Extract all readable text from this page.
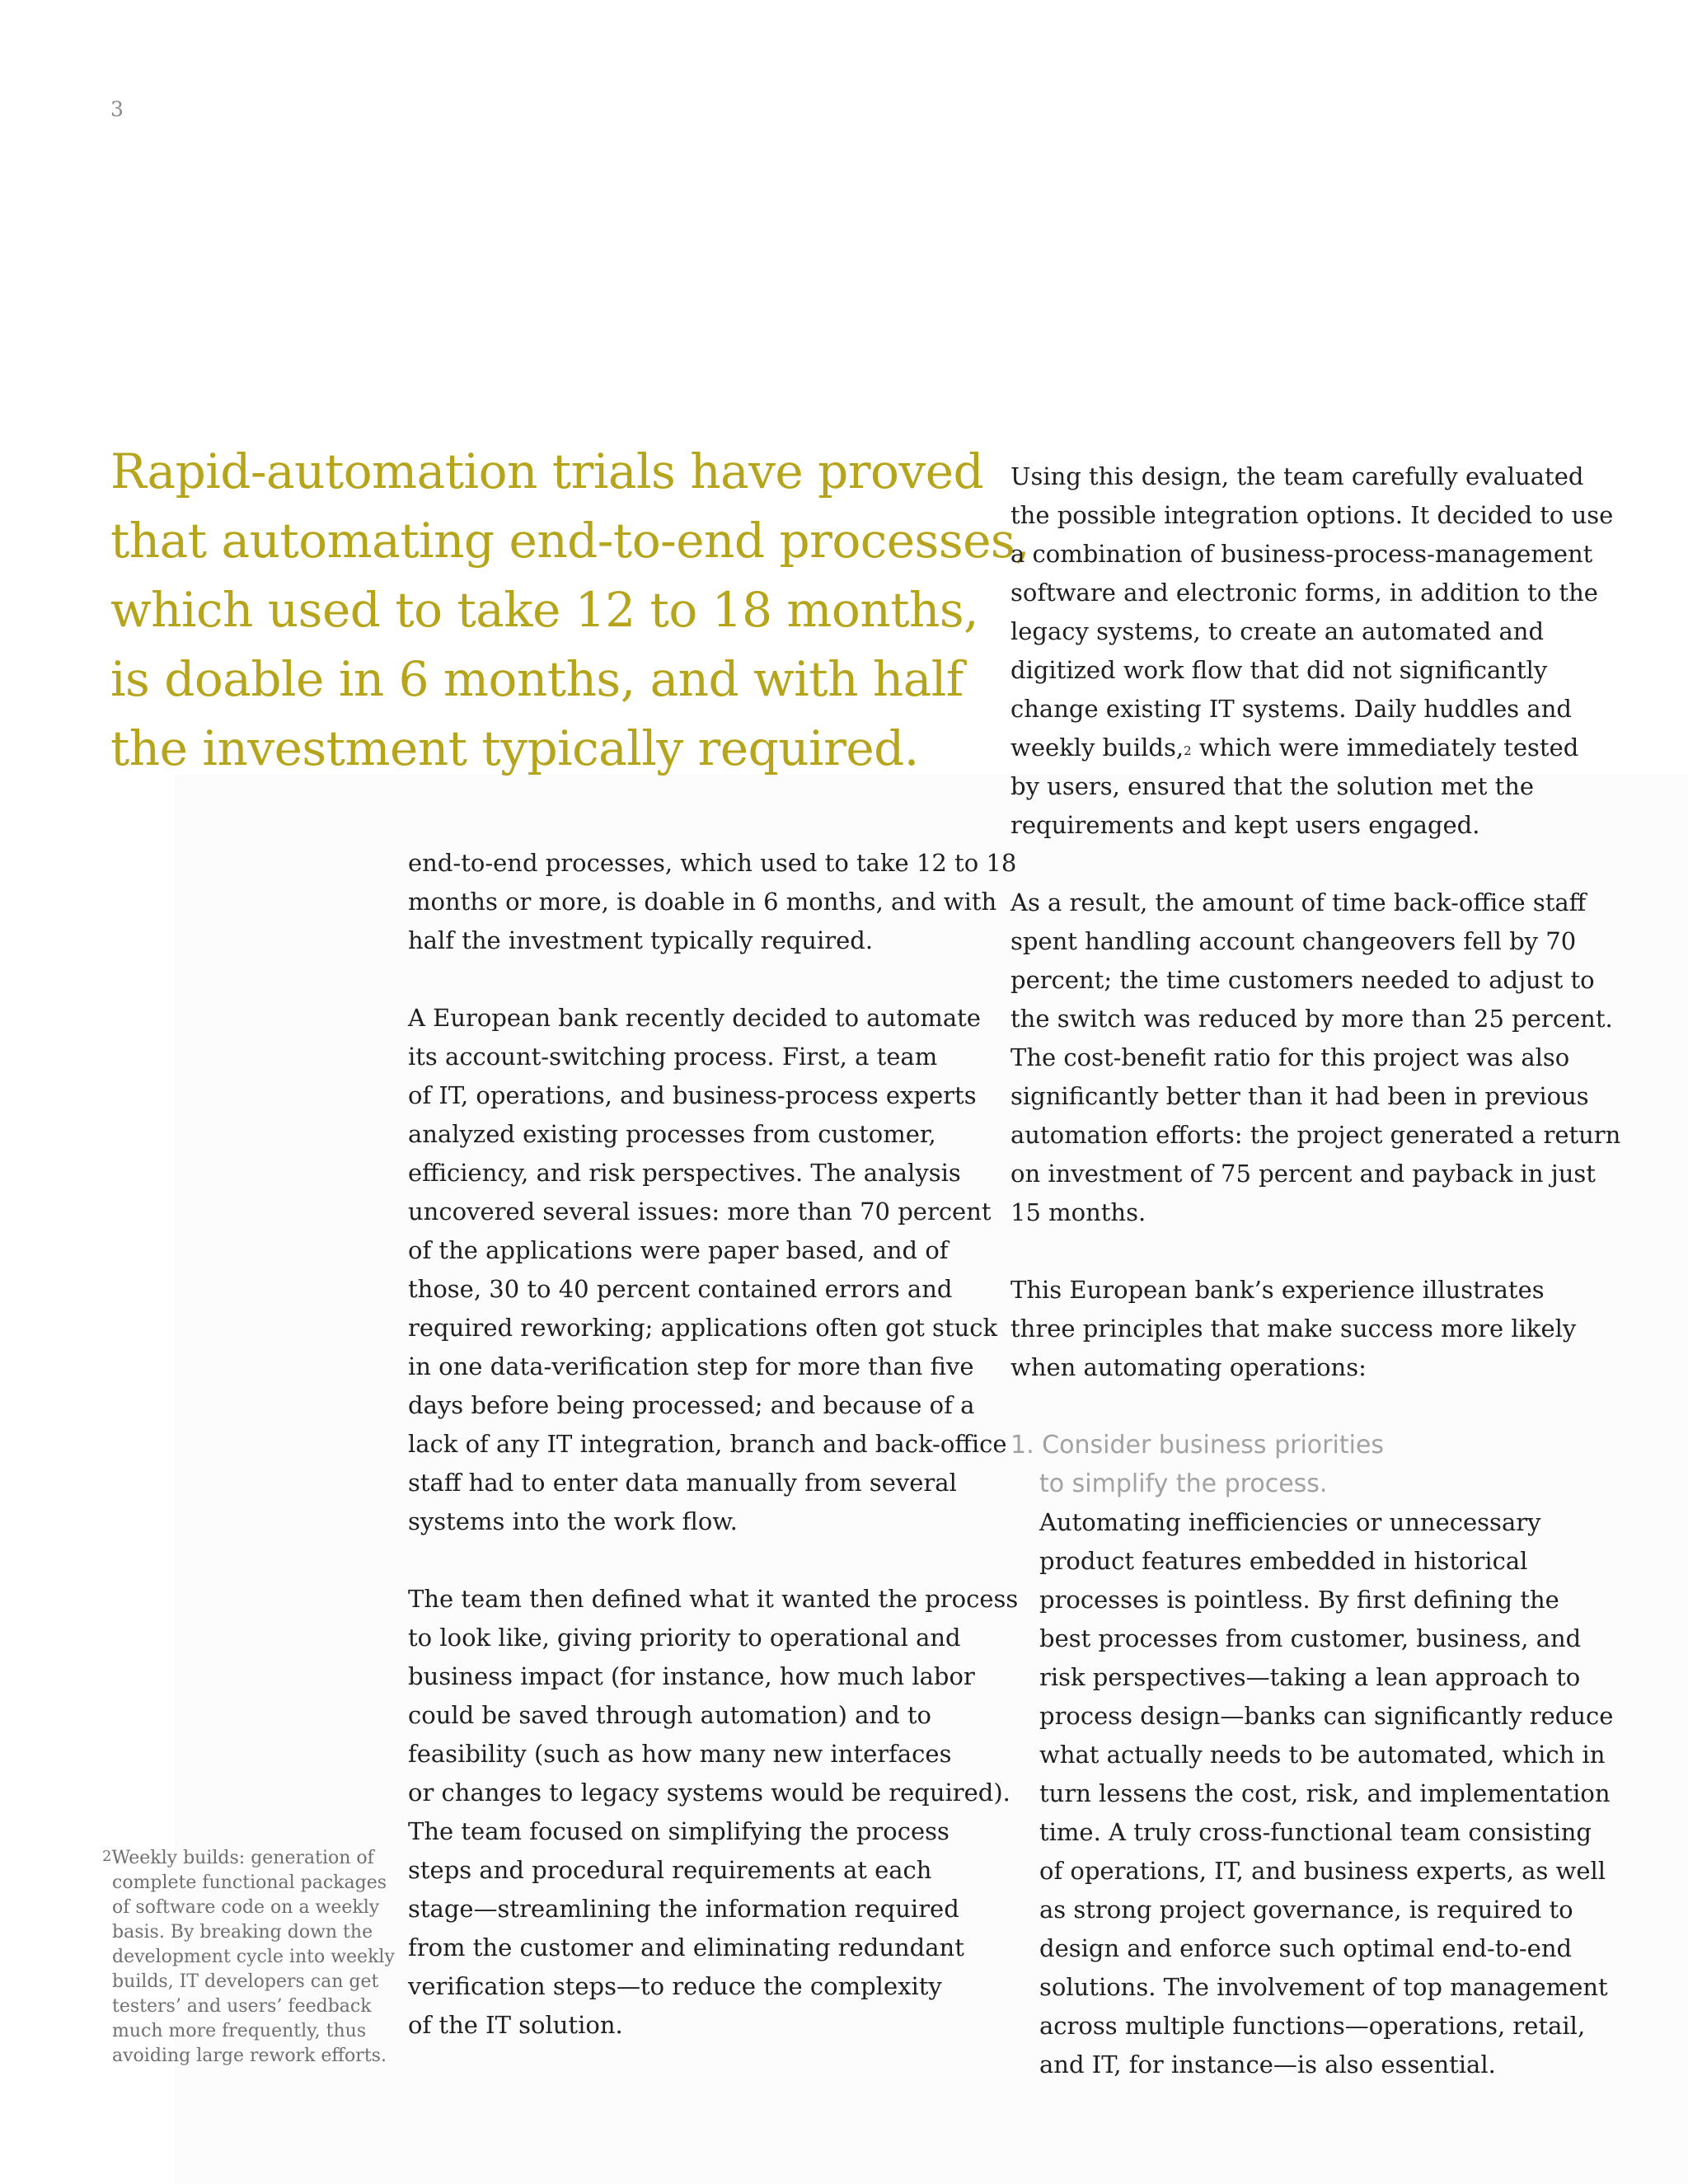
3
Rapid-automation trials have proved
that automating end-to-end processes,
which used to take 12 to 18 months,
is doable in 6 months, and with half
the investment typically required.
end-to-end processes, which used to take 12 to 18
months or more, is doable in 6 months, and with
half the investment typically required.
A European bank recently decided to automate
its account-switching process. First, a team
of IT, operations, and business-process experts
analyzed existing processes from customer,
efficiency, and risk perspectives. The analysis
uncovered several issues: more than 70 percent
of the applications were paper based, and of
those, 30 to 40 percent contained errors and
required reworking; applications often got stuck
in one data-verification step for more than five
days before being processed; and because of a
lack of any IT integration, branch and back-office
staff had to enter data manually from several
systems into the work flow.
The team then defined what it wanted the process
to look like, giving priority to operational and
business impact (for instance, how much labor
could be saved through automation) and to
feasibility (such as how many new interfaces
or changes to legacy systems would be required).
The team focused on simplifying the process
steps and procedural requirements at each
stage—streamlining the information required
from the customer and eliminating redundant
verification steps—to reduce the complexity
of the IT solution.
Using this design, the team carefully evaluated
the possible integration options. It decided to use
a combination of business-process-management
software and electronic forms, in addition to the
legacy systems, to create an automated and
digitized work flow that did not significantly
change existing IT systems. Daily huddles and
weekly builds,$^2$ which were immediately tested
by users, ensured that the solution met the
requirements and kept users engaged.
As a result, the amount of time back-office staff
spent handling account changeovers fell by 70
percent; the time customers needed to adjust to
the switch was reduced by more than 25 percent.
The cost-benefit ratio for this project was also
significantly better than it had been in previous
automation efforts: the project generated a return
on investment of 75 percent and payback in just
15 months.
This European bank’s experience illustrates
three principles that make success more likely
when automating operations:
1. Consider business priorities
to simplify the process.
Automating inefficiencies or unnecessary
product features embedded in historical
processes is pointless. By first defining the
best processes from customer, business, and
risk perspectives—taking a lean approach to
process design—banks can significantly reduce
what actually needs to be automated, which in
turn lessens the cost, risk, and implementation
time. A truly cross-functional team consisting
of operations, IT, and business experts, as well
as strong project governance, is required to
design and enforce such optimal end-to-end
solutions. The involvement of top management
across multiple functions—operations, retail,
and IT, for instance—is also essential.
$^2$Weekly builds: generation of
complete functional packages
of software code on a weekly
basis. By breaking down the
development cycle into weekly
builds, IT developers can get
testers’ and users’ feedback
much more frequently, thus
avoiding large rework efforts.
